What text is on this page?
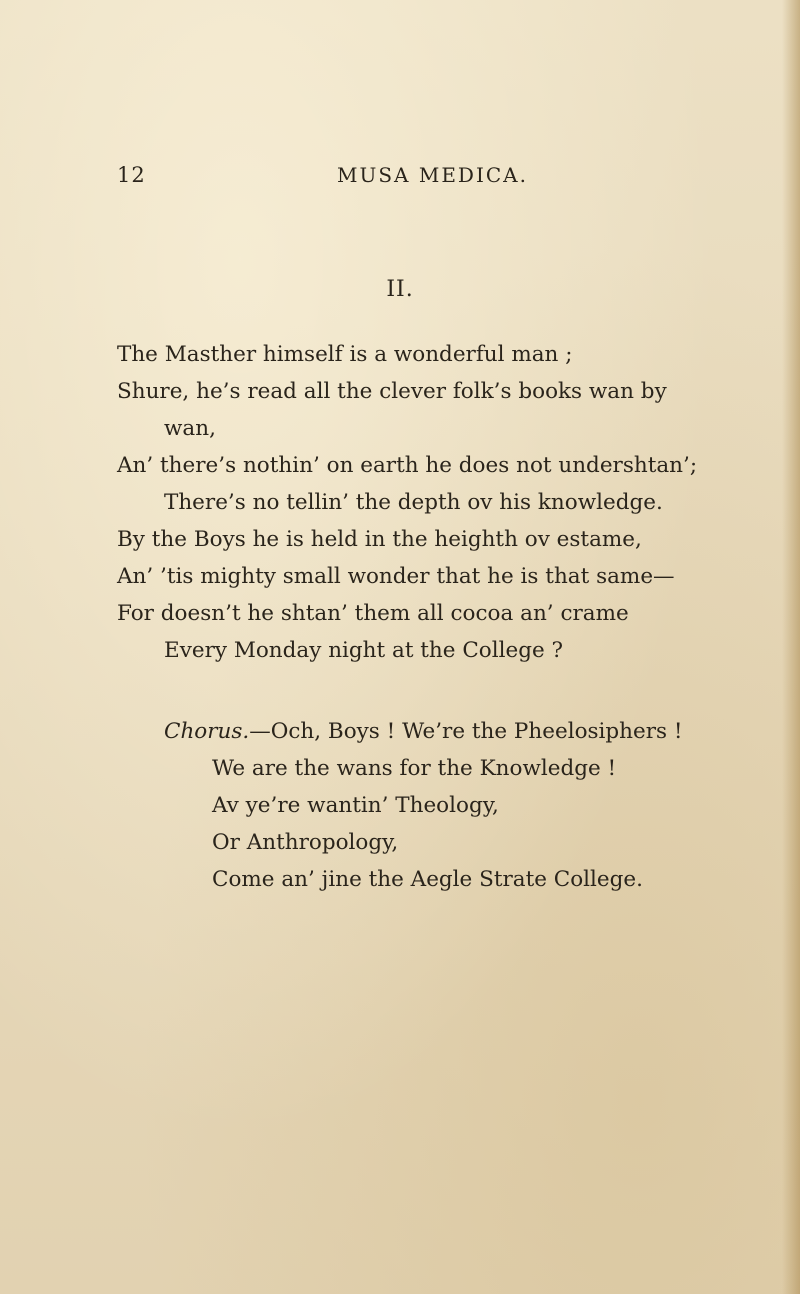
12	MUSA MEDICA.
II.
The Masther himself is a wonderful man ;
Shure, he’s read all the clever folk’s books wan by
wan,
An’ there’s nothin’ on earth he does not undershtan’;
There’s no tellin’ the depth ov his knowledge.
By the Boys he is held in the heighth ov estame,
An’ ’tis mighty small wonder that he is that same—
For doesn’t he shtan’ them all cocoa an’ crame
Every Monday night at the College ?
Chorus.—Och, Boys ! We’re the Pheelosiphers !
We are the wans for the Knowledge !
Av ye’re wantin’ Theology,
Or Anthropology,
Come an’ jine the Aegle Strate College.
